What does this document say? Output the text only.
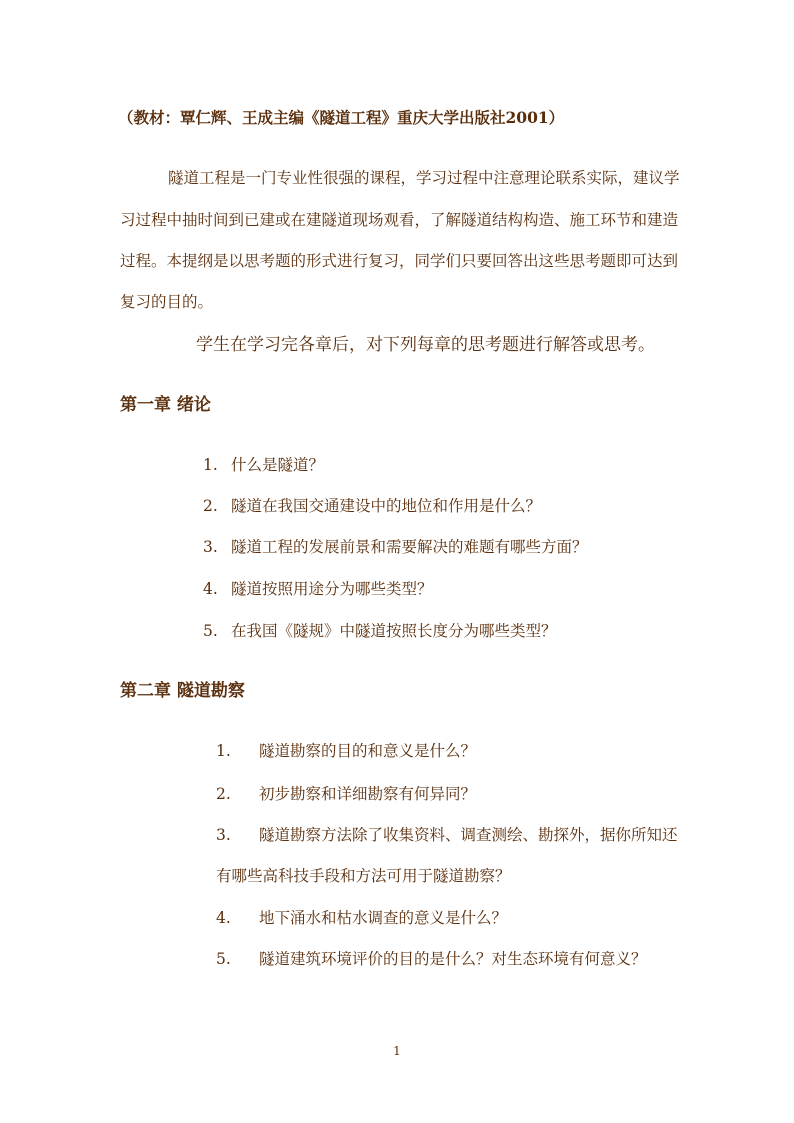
（教材：覃仁辉、王成主编《隧道工程》重庆大学出版社2001）
隧道工程是一门专业性很强的课程，学习过程中注意理论联系实际，建议学
习过程中抽时间到已建或在建隧道现场观看，了解隧道结构构造、施工环节和建造
过程。本提纲是以思考题的形式进行复习，同学们只要回答出这些思考题即可达到
复习的目的。
学生在学习完各章后，对下列每章的思考题进行解答或思考。
第一章 绪论
1. 什么是隧道？
2. 隧道在我国交通建设中的地位和作用是什么？
3. 隧道工程的发展前景和需要解决的难题有哪些方面？
4. 隧道按照用途分为哪些类型？
5. 在我国《隧规》中隧道按照长度分为哪些类型？
第二章 隧道勘察
1. 隧道勘察的目的和意义是什么？
2. 初步勘察和详细勘察有何异同？
3. 隧道勘察方法除了收集资料、调查测绘、勘探外，据你所知还
有哪些高科技手段和方法可用于隧道勘察？
4. 地下涌水和枯水调查的意义是什么？
5. 隧道建筑环境评价的目的是什么？对生态环境有何意义？
1
